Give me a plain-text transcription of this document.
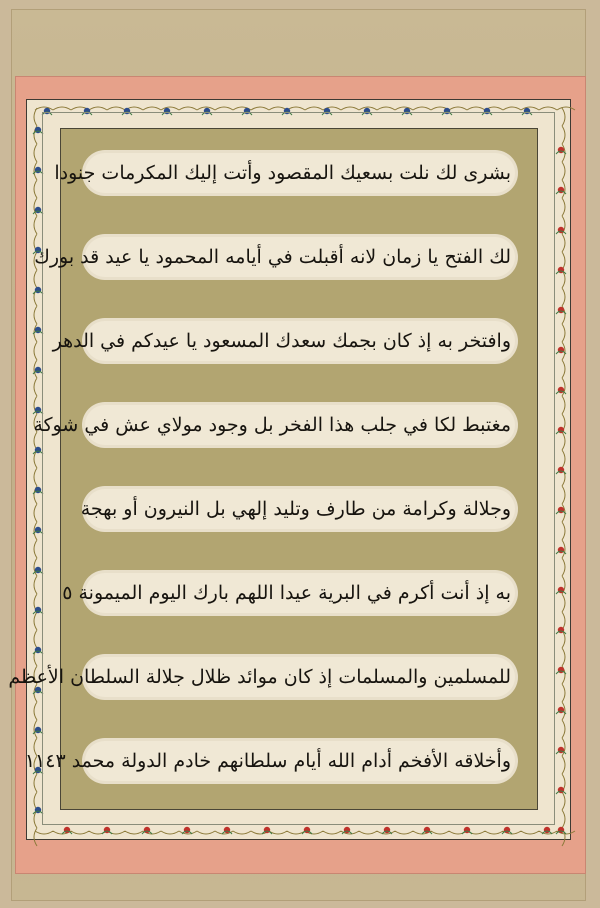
بشرى لك نلت بسعيك المقصود وأتت إليك المكرمات جنودا
لك الفتح يا زمان لانه أقبلت في أيامه المحمود يا عيد قد بورك
وافتخر به إذ كان بجمك سعدك المسعود يا عيدكم في الدهر
مغتبط لكا في جلب هذا الفخر بل وجود مولاي عش في شوكة
وجلالة وكرامة من طارف وتليد إلهي بل النيرون أو بهجة
به إذ أنت أكرم في البرية عيدا اللهم بارك اليوم الميمونة ٥
للمسلمين والمسلمات إذ كان موائد ظلال جلالة السلطان الأعظم
وأخلاقه الأفخم أدام الله أيام سلطانهم خادم الدولة محمد ١١٤٣
